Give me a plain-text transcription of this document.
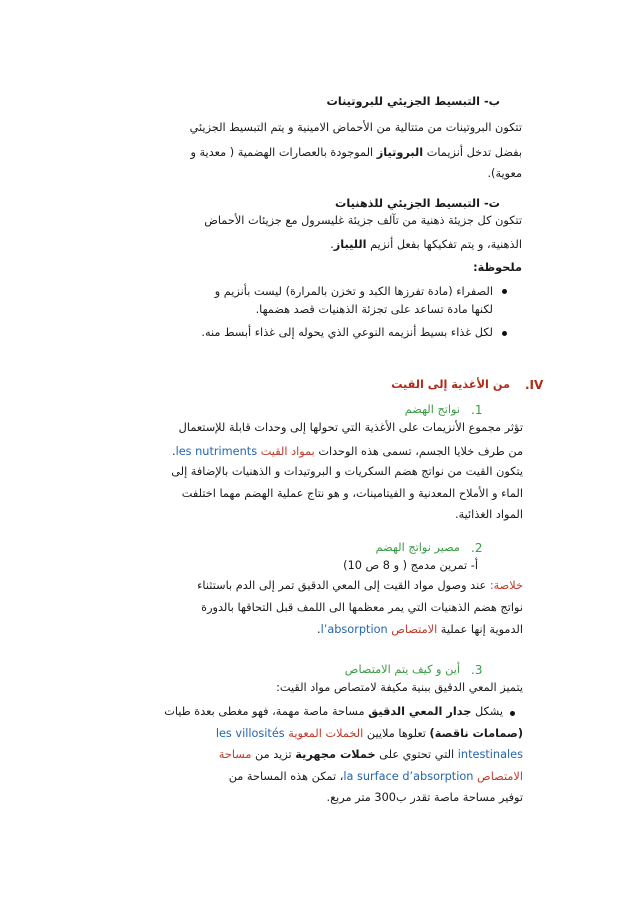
ب- التبسيط الجزيئي للبروتينات
تتكون البروتينات من متتالية من الأحماض الامينية و يتم التبسيط الجزيئي
بفضل تدخل أنزيمات البروتياز الموجودة بالعصارات الهضمية ( معدية و
معوية).
ت- التبسيط الجزيئي للذهنيات
تتكون كل جزيئة ذهنية من تآلف جزيئة غليسرول مع جزيئات الأحماض
الذهنية، و يتم تفكيكها بفعل أنزيم الليباز.
ملحوظة:
الصفراء (مادة تفرزها الكبد و تخزن بالمرارة) ليست بأنزيم و
لكنها مادة تساعد على تجزئة الذهنيات قصد هضمها.
لكل غذاء بسيط أنزيمه النوعي الذي يحوله إلى غذاء أبسط منه.
.IV
من الأغذية إلى القيت
.1
نواتج الهضم
تؤثر مجموع الأنزيمات على الأغذية التي تحولها إلى وحدات قابلة للإستعمال
من طرف خلايا الجسم، تسمى هذه الوحدات بمواد القيت les nutriments.
يتكون القيت من نواتج هضم السكريات و البروتيدات و الذهنيات بالإضافة إلى
الماء و الأملاح المعدنية و الفيتامينات، و هو نتاج عملية الهضم مهما اختلفت
المواد الغذائية.
.2
مصير نواتج الهضم
أ- تمرين مدمج ( و 8 ص 10)
خلاصة: عند وصول مواد القيت إلى المعي الدقيق تمر إلى الدم باستثناء
نواتج هضم الذهنيات التي يمر معظمها الى اللمف قبل التحاقها بالدورة
الدموية إنها عملية الامتصاص l’absorption.
.3
أين و كيف يتم الامتصاص
يتميز المعي الدقيق ببنية مكيفة لامتصاص مواد القيت:
يشكل جدار المعي الدقيق مساحة ماصة مهمة، فهو مغطى بعدة طيات
(صمامات ناقصة) تعلوها ملايين الخملات المعوية les villosités
intestinales التي تحتوي على خملات مجهرية تزيد من مساحة
الامتصاص la surface d’absorption، تمكن هذه المساحة من
توفير مساحة ماصة تقدر ب300 متر مربع.
